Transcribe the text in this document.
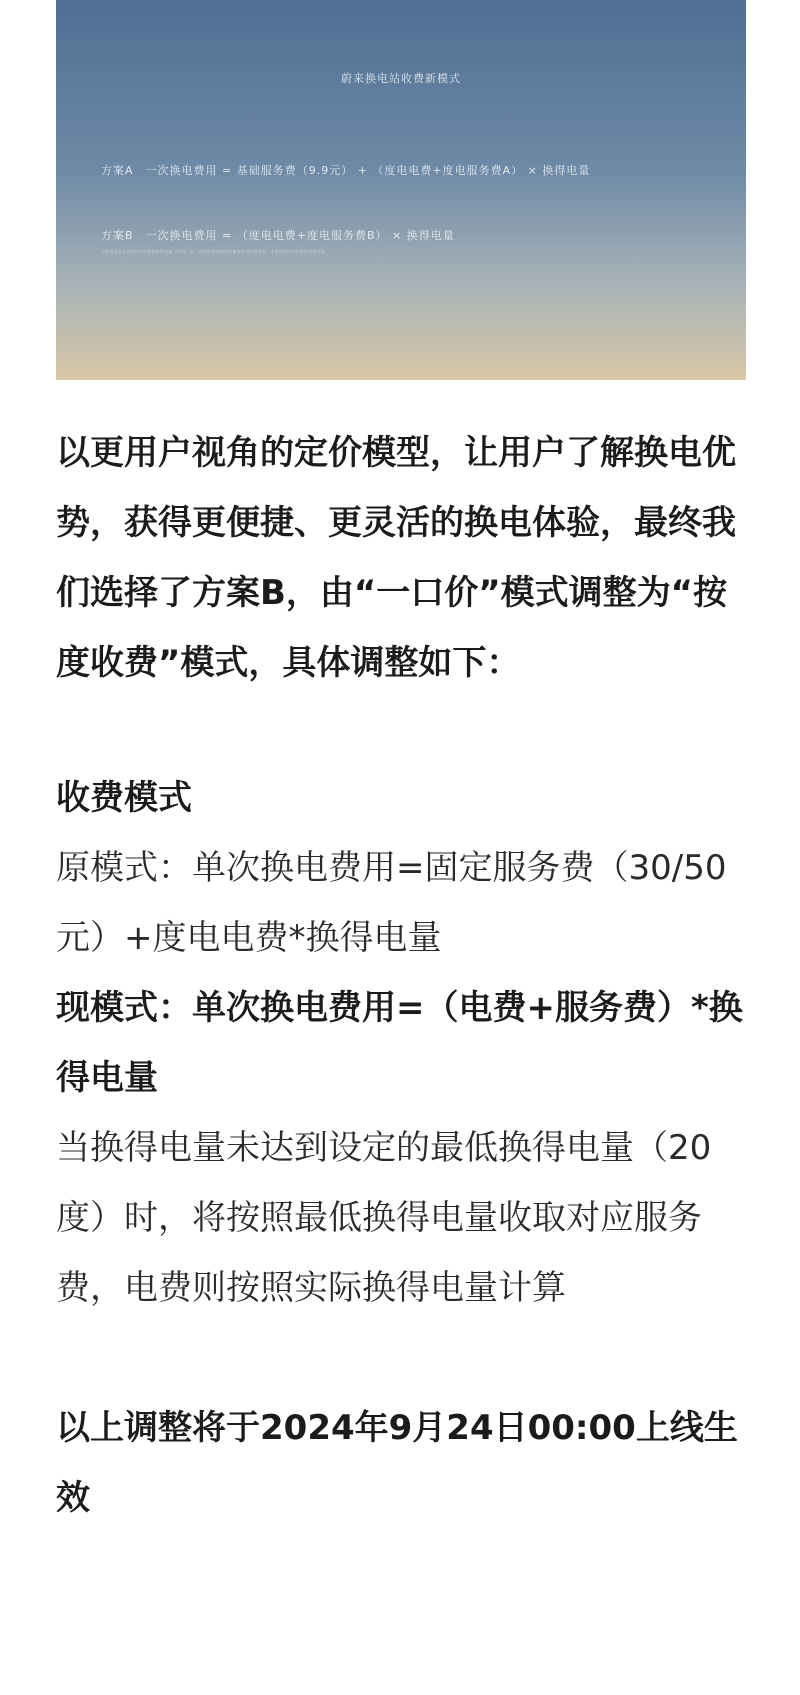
蔚来换电站收费新模式
方案A　一次换电费用 = 基础服务费（9.9元） + （度电电费+度电服务费A） × 换得电量
方案B　一次换电费用 = （度电电费+度电服务费B） × 换得电量
当换得电量未达到设定的最低换得电量（20度）时，将按照最低换得电量收取对应服务费，电费则按照实际换得电量计算。

以更用户视角的定价模型，让用户了解换电优势，获得更便捷、更灵活的换电体验，最终我们选择了方案B，由“一口价”模式调整为“按度收费”模式，具体调整如下：

收费模式

原模式：单次换电费用=固定服务费（30/50元）+度电电费*换得电量

现模式：单次换电费用=（电费+服务费）*换得电量

当换得电量未达到设定的最低换得电量（20度）时，将按照最低换得电量收取对应服务费，电费则按照实际换得电量计算

以上调整将于2024年9月24日00:00上线生效
